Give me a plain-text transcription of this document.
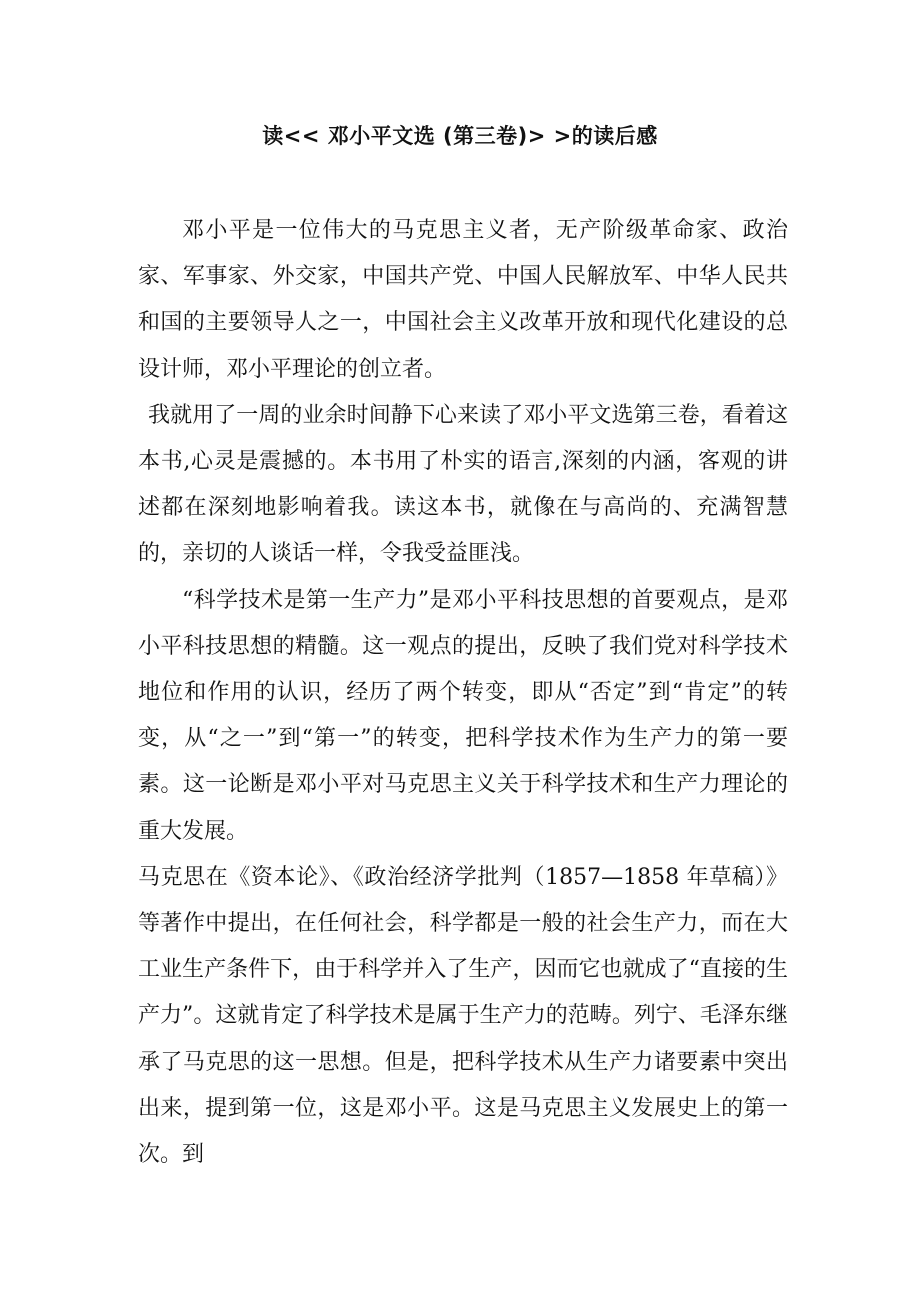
读<< 邓小平文选 (第三卷)> >的读后感

邓小平是一位伟大的马克思主义者，无产阶级革命家、政治家、军事家、外交家，中国共产党、中国人民解放军、中华人民共和国的主要领导人之一，中国社会主义改革开放和现代化建设的总设计师，邓小平理论的创立者。

我就用了一周的业余时间静下心来读了邓小平文选第三卷，看着这本书,心灵是震撼的。本书用了朴实的语言,深刻的内涵，客观的讲述都在深刻地影响着我。读这本书，就像在与高尚的、充满智慧的，亲切的人谈话一样，令我受益匪浅。

“科学技术是第一生产力”是邓小平科技思想的首要观点，是邓小平科技思想的精髓。这一观点的提出，反映了我们党对科学技术地位和作用的认识，经历了两个转变，即从“否定”到“肯定”的转变，从“之一”到“第一”的转变，把科学技术作为生产力的第一要素。这一论断是邓小平对马克思主义关于科学技术和生产力理论的重大发展。

马克思在《资本论》、《政治经济学批判（1857—1858 年草稿）》等著作中提出，在任何社会，科学都是一般的社会生产力，而在大工业生产条件下，由于科学并入了生产，因而它也就成了“直接的生产力”。这就肯定了科学技术是属于生产力的范畴。列宁、毛泽东继承了马克思的这一思想。但是，把科学技术从生产力诸要素中突出出来，提到第一位，这是邓小平。这是马克思主义发展史上的第一次。到
